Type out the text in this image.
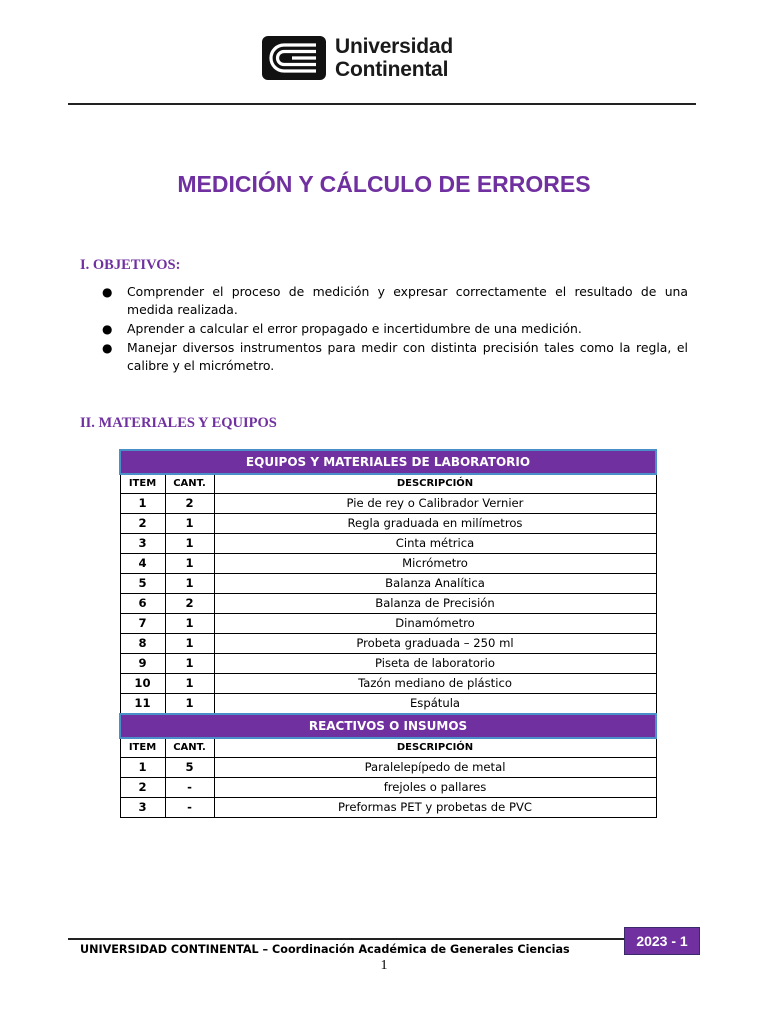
Universidad
Continental
MEDICIÓN Y CÁLCULO DE ERRORES
I. OBJETIVOS:
● Comprender el proceso de medición y expresar correctamente el resultado de una medida realizada.
● Aprender a calcular el error propagado e incertidumbre de una medición.
● Manejar diversos instrumentos para medir con distinta precisión tales como la regla, el calibre y el micrómetro.
II. MATERIALES Y EQUIPOS
EQUIPOS Y MATERIALES DE LABORATORIO		
ITEM	CANT.	DESCRIPCIÓN
1	2	Pie de rey o Calibrador Vernier
2	1	Regla graduada en milímetros
3	1	Cinta métrica
4	1	Micrómetro
5	1	Balanza Analítica
6	2	Balanza de Precisión
7	1	Dinamómetro
8	1	Probeta graduada – 250 ml
9	1	Piseta de laboratorio
10	1	Tazón mediano de plástico
11	1	Espátula
REACTIVOS O INSUMOS		
ITEM	CANT.	DESCRIPCIÓN
1	5	Paralelepípedo de metal
2	-	frejoles o pallares
3	-	Preformas PET y probetas de PVC
2023 - 1
UNIVERSIDAD CONTINENTAL – Coordinación Académica de Generales Ciencias
1
